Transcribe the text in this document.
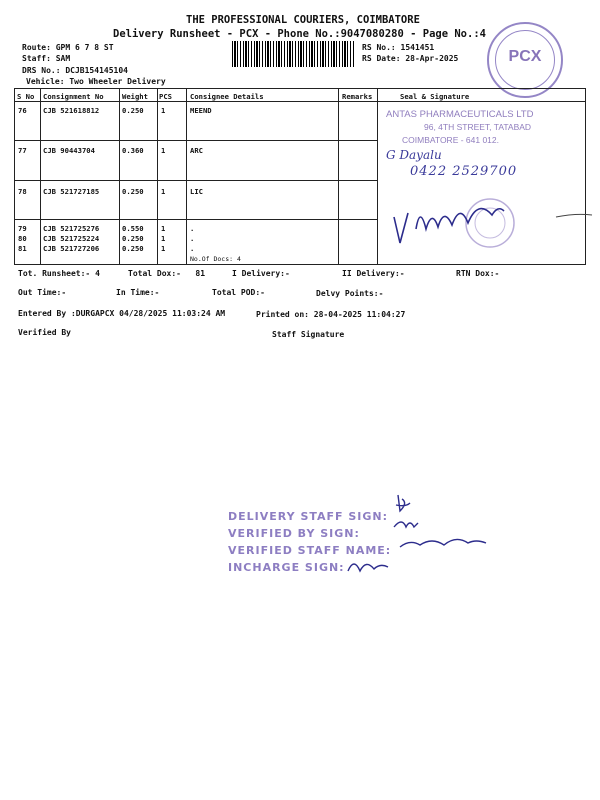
THE PROFESSIONAL COURIERS, COIMBATORE
Delivery Runsheet - PCX - Phone No.:9047080280 - Page No.:4
Route: GPM 6 7 8 ST
Staff: SAM
DRS No.: DCJB154145104
Vehicle: Two Wheeler Delivery
RS No.: 1541451
RS Date: 28-Apr-2025	PCX
S No Consignment No	Weight PCS	Consignee Details	Remarks	Seal & Signature
76 CJB 521618812	0.250 1	MEEND
77 CJB 90443704	0.360 1	ARC
78 CJB 521727185	0.250 1	LIC
79 CJB 521725276	0.550 1	.
80 CJB 521725224	0.250 1	.
81 CJB 521727206	0.250 1	.
No.Of Docs: 4
ANTAS PHARMACEUTICALS LTD
96, 4TH STREET, TATABAD
COIMBATORE - 641 012.
G Dayalu
0422 2529700
Tot. Runsheet:- 4	Total Dox:-   81	I Delivery:-	II Delivery:-	RTN Dox:-
Out Time:-	In Time:-	Total POD:-	Delvy Points:-
Entered By :DURGAPCX 04/28/2025 11:03:24 AM	Printed on: 28-04-2025 11:04:27
Verified By	Staff Signature
DELIVERY STAFF SIGN:
VERIFIED BY SIGN:
VERIFIED STAFF NAME:
INCHARGE SIGN:
